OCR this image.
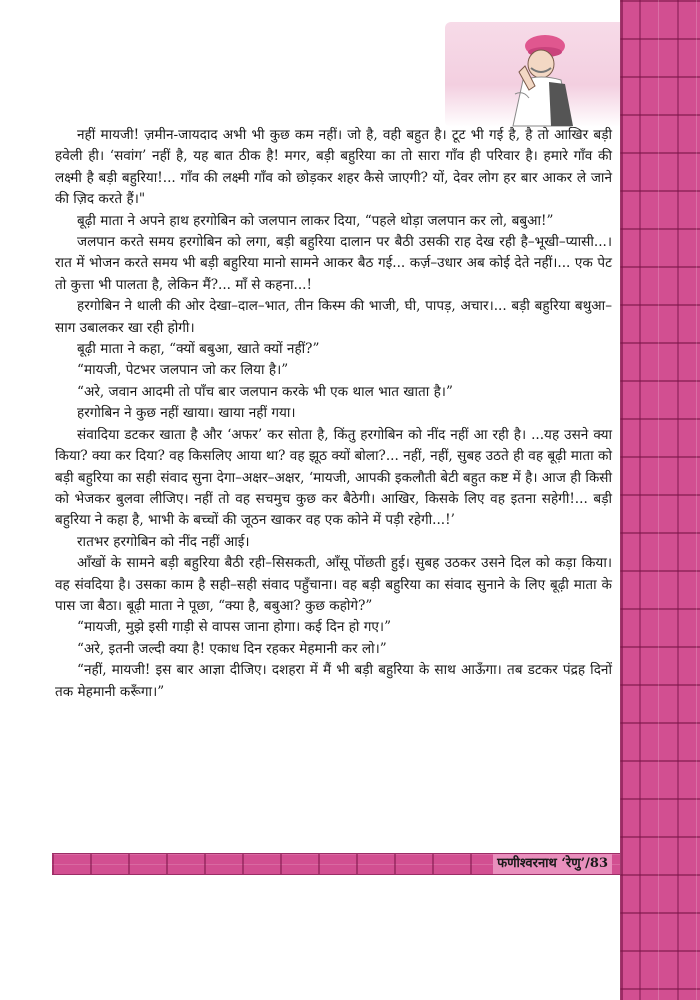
नहीं मायजी! ज़मीन-जायदाद अभी भी कुछ कम नहीं। जो है, वही बहुत है। टूट भी गई है, है तो आखिर बड़ी हवेली ही। ‘सवांग’ नहीं है, यह बात ठीक है! मगर, बड़ी बहुरिया का तो सारा गाँव ही परिवार है। हमारे गाँव की लक्ष्मी है बड़ी बहुरिया!... गाँव की लक्ष्मी गाँव को छोड़कर शहर कैसे जाएगी? यों, देवर लोग हर बार आकर ले जाने की ज़िद करते हैं।"

बूढ़ी माता ने अपने हाथ हरगोबिन को जलपान लाकर दिया, “पहले थोड़ा जलपान कर लो, बबुआ!”

जलपान करते समय हरगोबिन को लगा, बड़ी बहुरिया दालान पर बैठी उसकी राह देख रही है–भूखी–प्यासी...। रात में भोजन करते समय भी बड़ी बहुरिया मानो सामने आकर बैठ गई... कर्ज़–उधार अब कोई देते नहीं।... एक पेट तो कुत्ता भी पालता है, लेकिन मैं?... माँ से कहना...!

हरगोबिन ने थाली की ओर देखा–दाल–भात, तीन किस्म की भाजी, घी, पापड़, अचार।... बड़ी बहुरिया बथुआ–साग उबालकर खा रही होगी।

बूढ़ी माता ने कहा, “क्यों बबुआ, खाते क्यों नहीं?”

“मायजी, पेटभर जलपान जो कर लिया है।”

“अरे, जवान आदमी तो पाँच बार जलपान करके भी एक थाल भात खाता है।”

हरगोबिन ने कुछ नहीं खाया। खाया नहीं गया।

संवादिया डटकर खाता है और ‘अफर’ कर सोता है, किंतु हरगोबिन को नींद नहीं आ रही है। ...यह उसने क्या किया? क्या कर दिया? वह किसलिए आया था? वह झूठ क्यों बोला?... नहीं, नहीं, सुबह उठते ही वह बूढ़ी माता को बड़ी बहुरिया का सही संवाद सुना देगा–अक्षर–अक्षर, ‘मायजी, आपकी इकलौती बेटी बहुत कष्ट में है। आज ही किसी को भेजकर बुलवा लीजिए। नहीं तो वह सचमुच कुछ कर बैठेगी। आखिर, किसके लिए वह इतना सहेगी!... बड़ी बहुरिया ने कहा है, भाभी के बच्चों की जूठन खाकर वह एक कोने में पड़ी रहेगी...!’

रातभर हरगोबिन को नींद नहीं आई।

आँखों के सामने बड़ी बहुरिया बैठी रही–सिसकती, आँसू पोंछती हुई। सुबह उठकर उसने दिल को कड़ा किया। वह संवदिया है। उसका काम है सही–सही संवाद पहुँचाना। वह बड़ी बहुरिया का संवाद सुनाने के लिए बूढ़ी माता के पास जा बैठा। बूढ़ी माता ने पूछा, “क्या है, बबुआ? कुछ कहोगे?”

“मायजी, मुझे इसी गाड़ी से वापस जाना होगा। कई दिन हो गए।”

“अरे, इतनी जल्दी क्या है! एकाध दिन रहकर मेहमानी कर लो।”

“नहीं, मायजी! इस बार आज्ञा दीजिए। दशहरा में मैं भी बड़ी बहुरिया के साथ आऊँगा। तब डटकर पंद्रह दिनों तक मेहमानी करूँगा।”

फणीश्वरनाथ ‘रेणु’/83
